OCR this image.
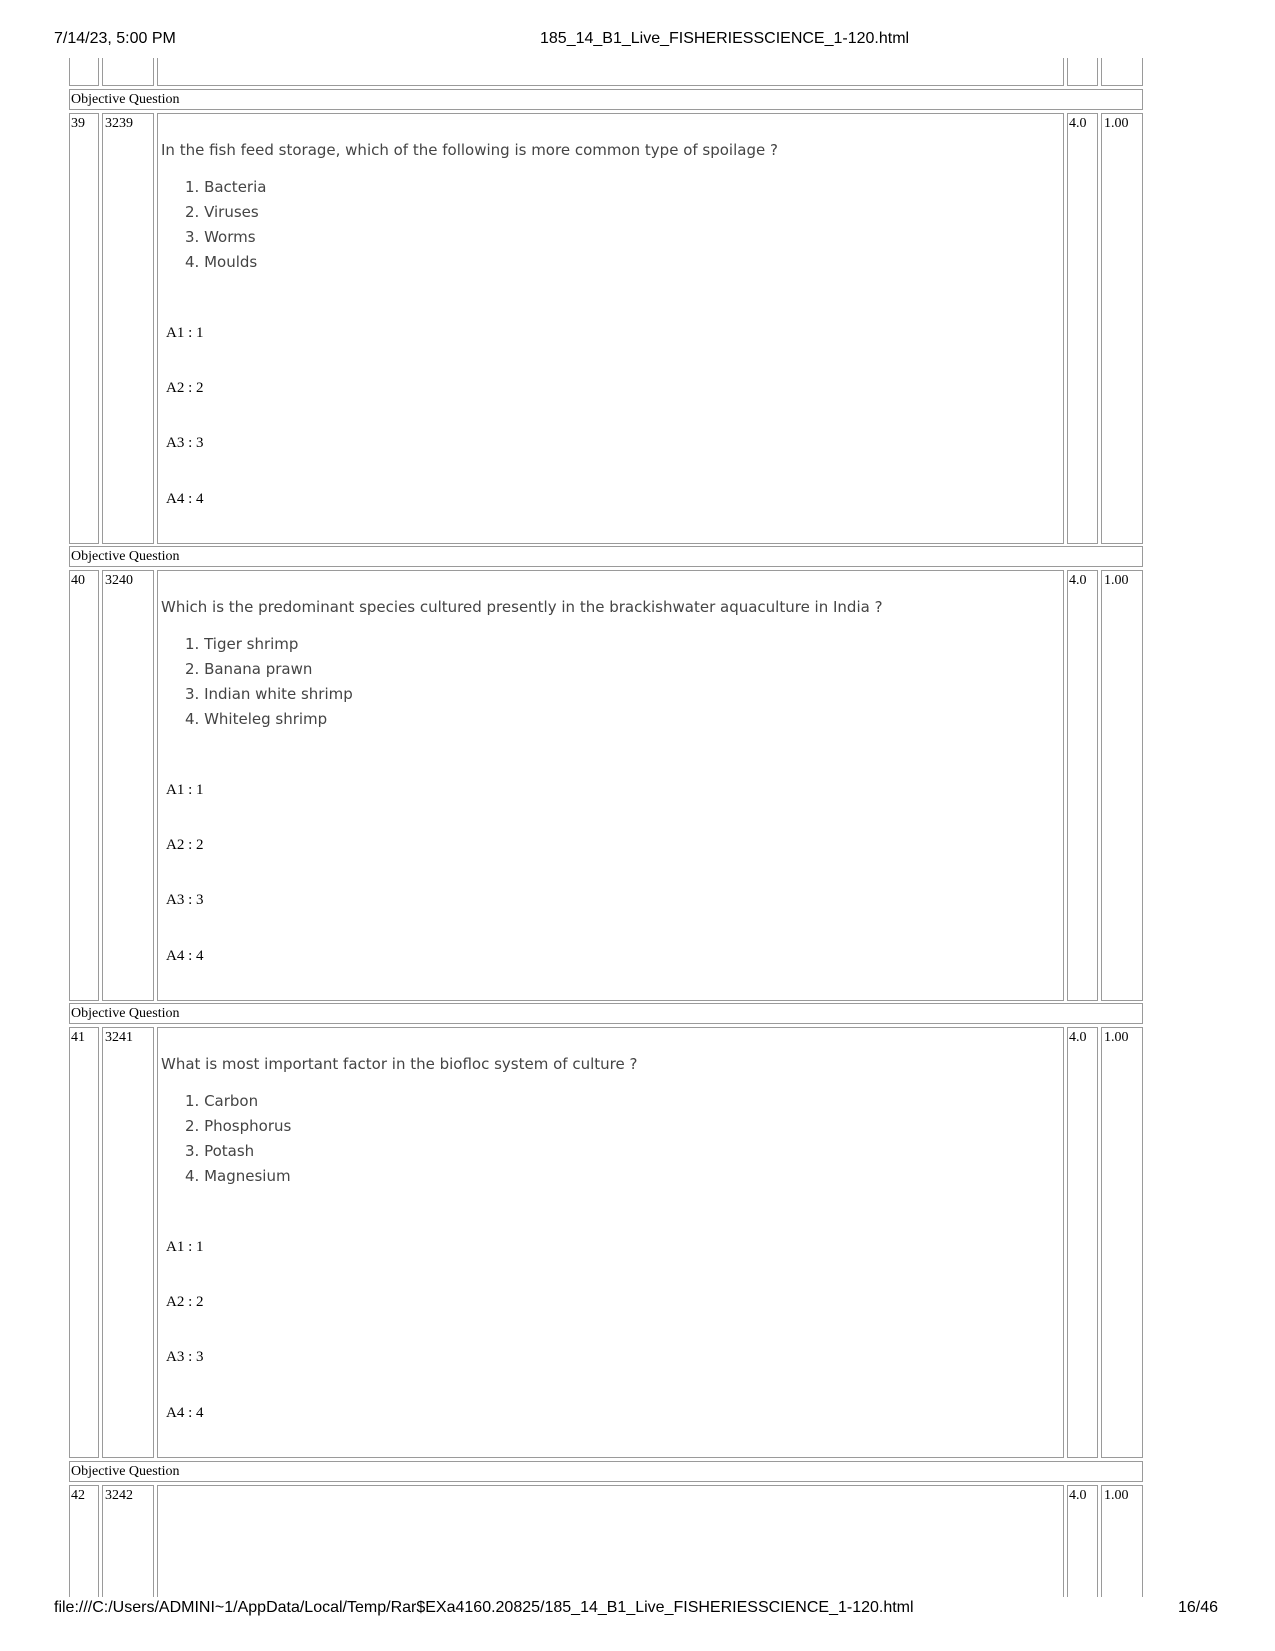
7/14/23, 5:00 PM	185_14_B1_Live_FISHERIESSCIENCE_1-120.html
Objective Question
39 3239
In the fish feed storage, which of the following is more common type of spoilage ?
1. Bacteria
2. Viruses
3. Worms
4. Moulds
A1 : 1
A2 : 2
A3 : 3
A4 : 4
4.0 1.00
Objective Question
40 3240
Which is the predominant species cultured presently in the brackishwater aquaculture in India ?
1. Tiger shrimp
2. Banana prawn
3. Indian white shrimp
4. Whiteleg shrimp
A1 : 1
A2 : 2
A3 : 3
A4 : 4
4.0 1.00
Objective Question
41 3241
What is most important factor in the biofloc system of culture ?
1. Carbon
2. Phosphorus
3. Potash
4. Magnesium
A1 : 1
A2 : 2
A3 : 3
A4 : 4
4.0 1.00
Objective Question
42 3242	4.0 1.00
file:///C:/Users/ADMINI~1/AppData/Local/Temp/Rar$EXa4160.20825/185_14_B1_Live_FISHERIESSCIENCE_1-120.html	16/46
